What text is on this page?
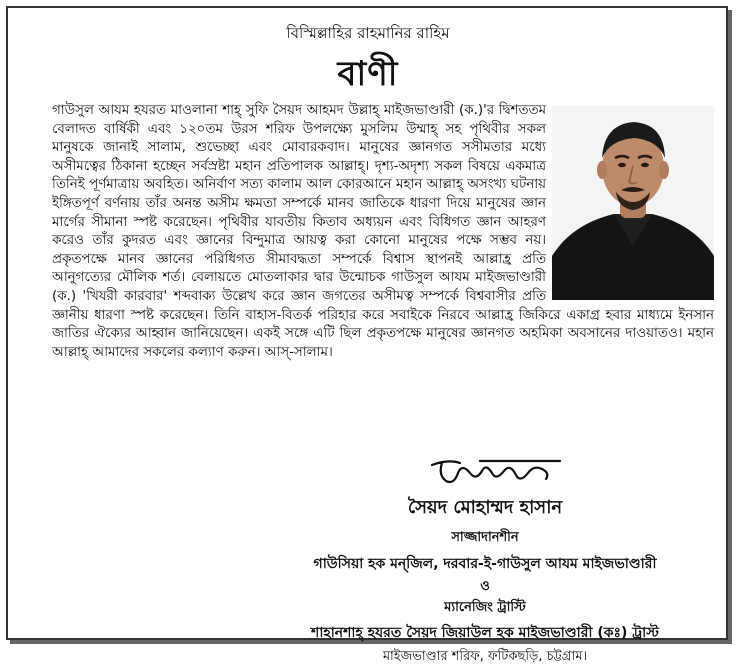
বিস্মিল্লাহির রাহমানির রাহিম
বাণী
গাউসুল আযম হযরত মাওলানা শাহ্ সুফি সৈয়দ আহমদ উল্লাহ্ মাইজভাণ্ডারী (ক.)'র দ্বিশততম বেলাদত বার্ষিকী এবং ১২০তম উরস শরিফ উপলক্ষ্যে মুসলিম উম্মাহ্ সহ পৃথিবীর সকল মানুষকে জানাই সালাম, শুভেচ্ছা এবং মোবারকবাদ। মানুষের জ্ঞানগত সসীমতার মধ্যে অসীমত্বের ঠিকানা হচ্ছেন সর্বস্রষ্টা মহান প্রতিপালক আল্লাহ্। দৃশ্য-অদৃশ্য সকল বিষয়ে একমাত্র তিনিই পূর্ণমাত্রায় অবহিত। অনির্বাণ সত্য কালাম আল কোরআনে মহান আল্লাহ্ অসংখ্য ঘটনায় ইঙ্গিতপূর্ণ বর্ণনায় তাঁর অনন্ত অসীম ক্ষমতা সম্পর্কে মানব জাতিকে ধারণা দিয়ে মানুষের জ্ঞান মার্গের সীমানা স্পষ্ট করেছেন। পৃথিবীর যাবতীয় কিতাব অধ্যয়ন এবং বিধিগত জ্ঞান আহরণ করেও তাঁর কুদরত এবং জ্ঞানের বিন্দুমাত্র আয়ত্ব করা কোনো মানুষের পক্ষে সম্ভব নয়। প্রকৃতপক্ষে মানব জ্ঞানের পরিধিগত সীমাবদ্ধতা সম্পর্কে বিশ্বাস স্থাপনই আল্লাহ্র প্রতি আনুগত্যের মৌলিক শর্ত। বেলায়তে মোতলাকার দ্বার উন্মোচক গাউসুল আযম মাইজভাণ্ডারী (ক.) 'খিযরী কারবার' শব্দবাক্য উল্লেখ করে জ্ঞান জগতের অসীমত্ব সম্পর্কে বিশ্ববাসীর প্রতি জ্ঞানীয় ধারণা স্পষ্ট করেছেন। তিনি বাহাস-বিতর্ক পরিহার করে সবাইকে নিরবে আল্লাহ্র জিকিরে একাগ্র হবার মাধ্যমে ইনসান জাতির ঐক্যের আহ্বান জানিয়েছেন। একই সঙ্গে এটি ছিল প্রকৃতপক্ষে মানুষের জ্ঞানগত অহমিকা অবসানের দাওয়াতও। মহান আল্লাহ্ আমাদের সকলের কল্যাণ করুন। আস্-সালাম।
সৈয়দ মোহাম্মদ হাসান
সাজ্জাদানশীন
গাউসিয়া হক মন্‌জিল, দরবার-ই-গাউসুল আযম মাইজভাণ্ডারী
ও
ম্যানেজিং ট্রাস্টি
শাহানশাহ্ হযরত সৈয়দ জিয়াউল হক মাইজভাণ্ডারী (কঃ) ট্রাস্ট
মাইজভাণ্ডার শরিফ, ফটিকছড়ি, চট্টগ্রাম।
